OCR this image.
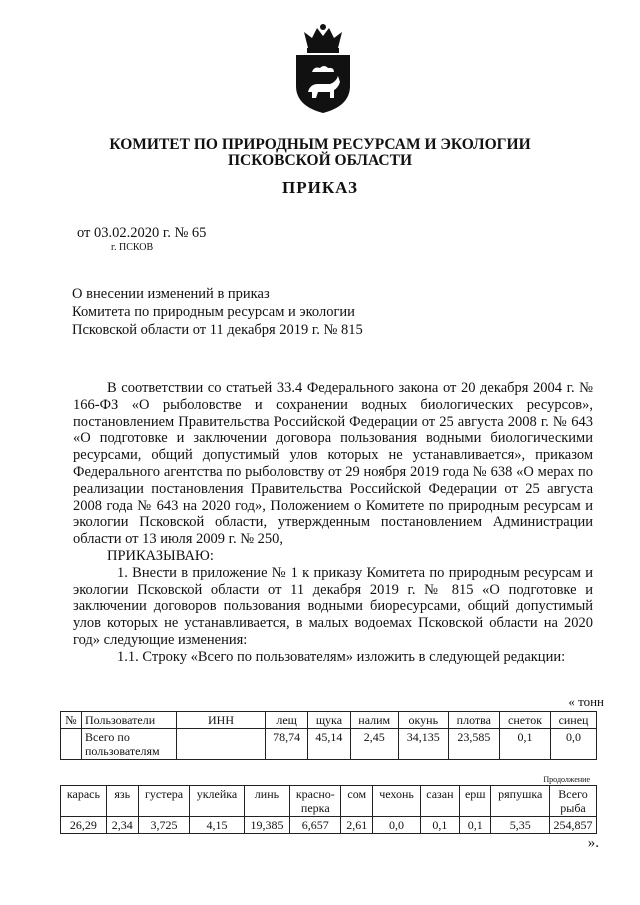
КОМИТЕТ ПО ПРИРОДНЫМ РЕСУРСАМ И ЭКОЛОГИИ
ПСКОВСКОЙ ОБЛАСТИ
ПРИКАЗ
от 03.02.2020 г. № 65
г. ПСКОВ
О внесении изменений в приказ
Комитета по природным ресурсам и экологии
Псковской области от 11 декабря 2019 г. № 815

В соответствии со статьей 33.4 Федерального закона от 20 декабря 2004 г. № 166-ФЗ «О рыболовстве и сохранении водных биологических ресурсов», постановлением Правительства Российской Федерации от 25 августа 2008 г. № 643 «О подготовке и заключении договора пользования водными биологическими ресурсами, общий допустимый улов которых не устанавливается», приказом Федерального агентства по рыболовству от 29 ноября 2019 года № 638 «О мерах по реализации постановления Правительства Российской Федерации от 25 августа 2008 года № 643 на 2020 год», Положением о Комитете по природным ресурсам и экологии Псковской области, утвержденным постановлением Администрации области от 13 июля 2009 г. № 250,

ПРИКАЗЫВАЮ:

1. Внести в приложение № 1 к приказу Комитета по природным ресурсам и экологии Псковской области от 11 декабря 2019 г. № 815 «О подготовке и заключении договоров пользования водными биоресурсами, общий допустимый улов которых не устанавливается, в малых водоемах Псковской области на 2020 год» следующие изменения:

1.1. Строку «Всего по пользователям» изложить в следующей редакции:

« тонн
№	Пользователи	ИНН	лещ	щука	налим	окунь	плотва	снеток	синец
	Всего по пользователям		78,74	45,14	2,45	34,135	23,585	0,1	0,0
Продолжение
карась	язь	густера	уклейка	линь	красно-перка	сом	чехонь	сазан	ерш	ряпушка	Всего рыба
26,29	2,34	3,725	4,15	19,385	6,657	2,61	0,0	0,1	0,1	5,35	254,857
».
